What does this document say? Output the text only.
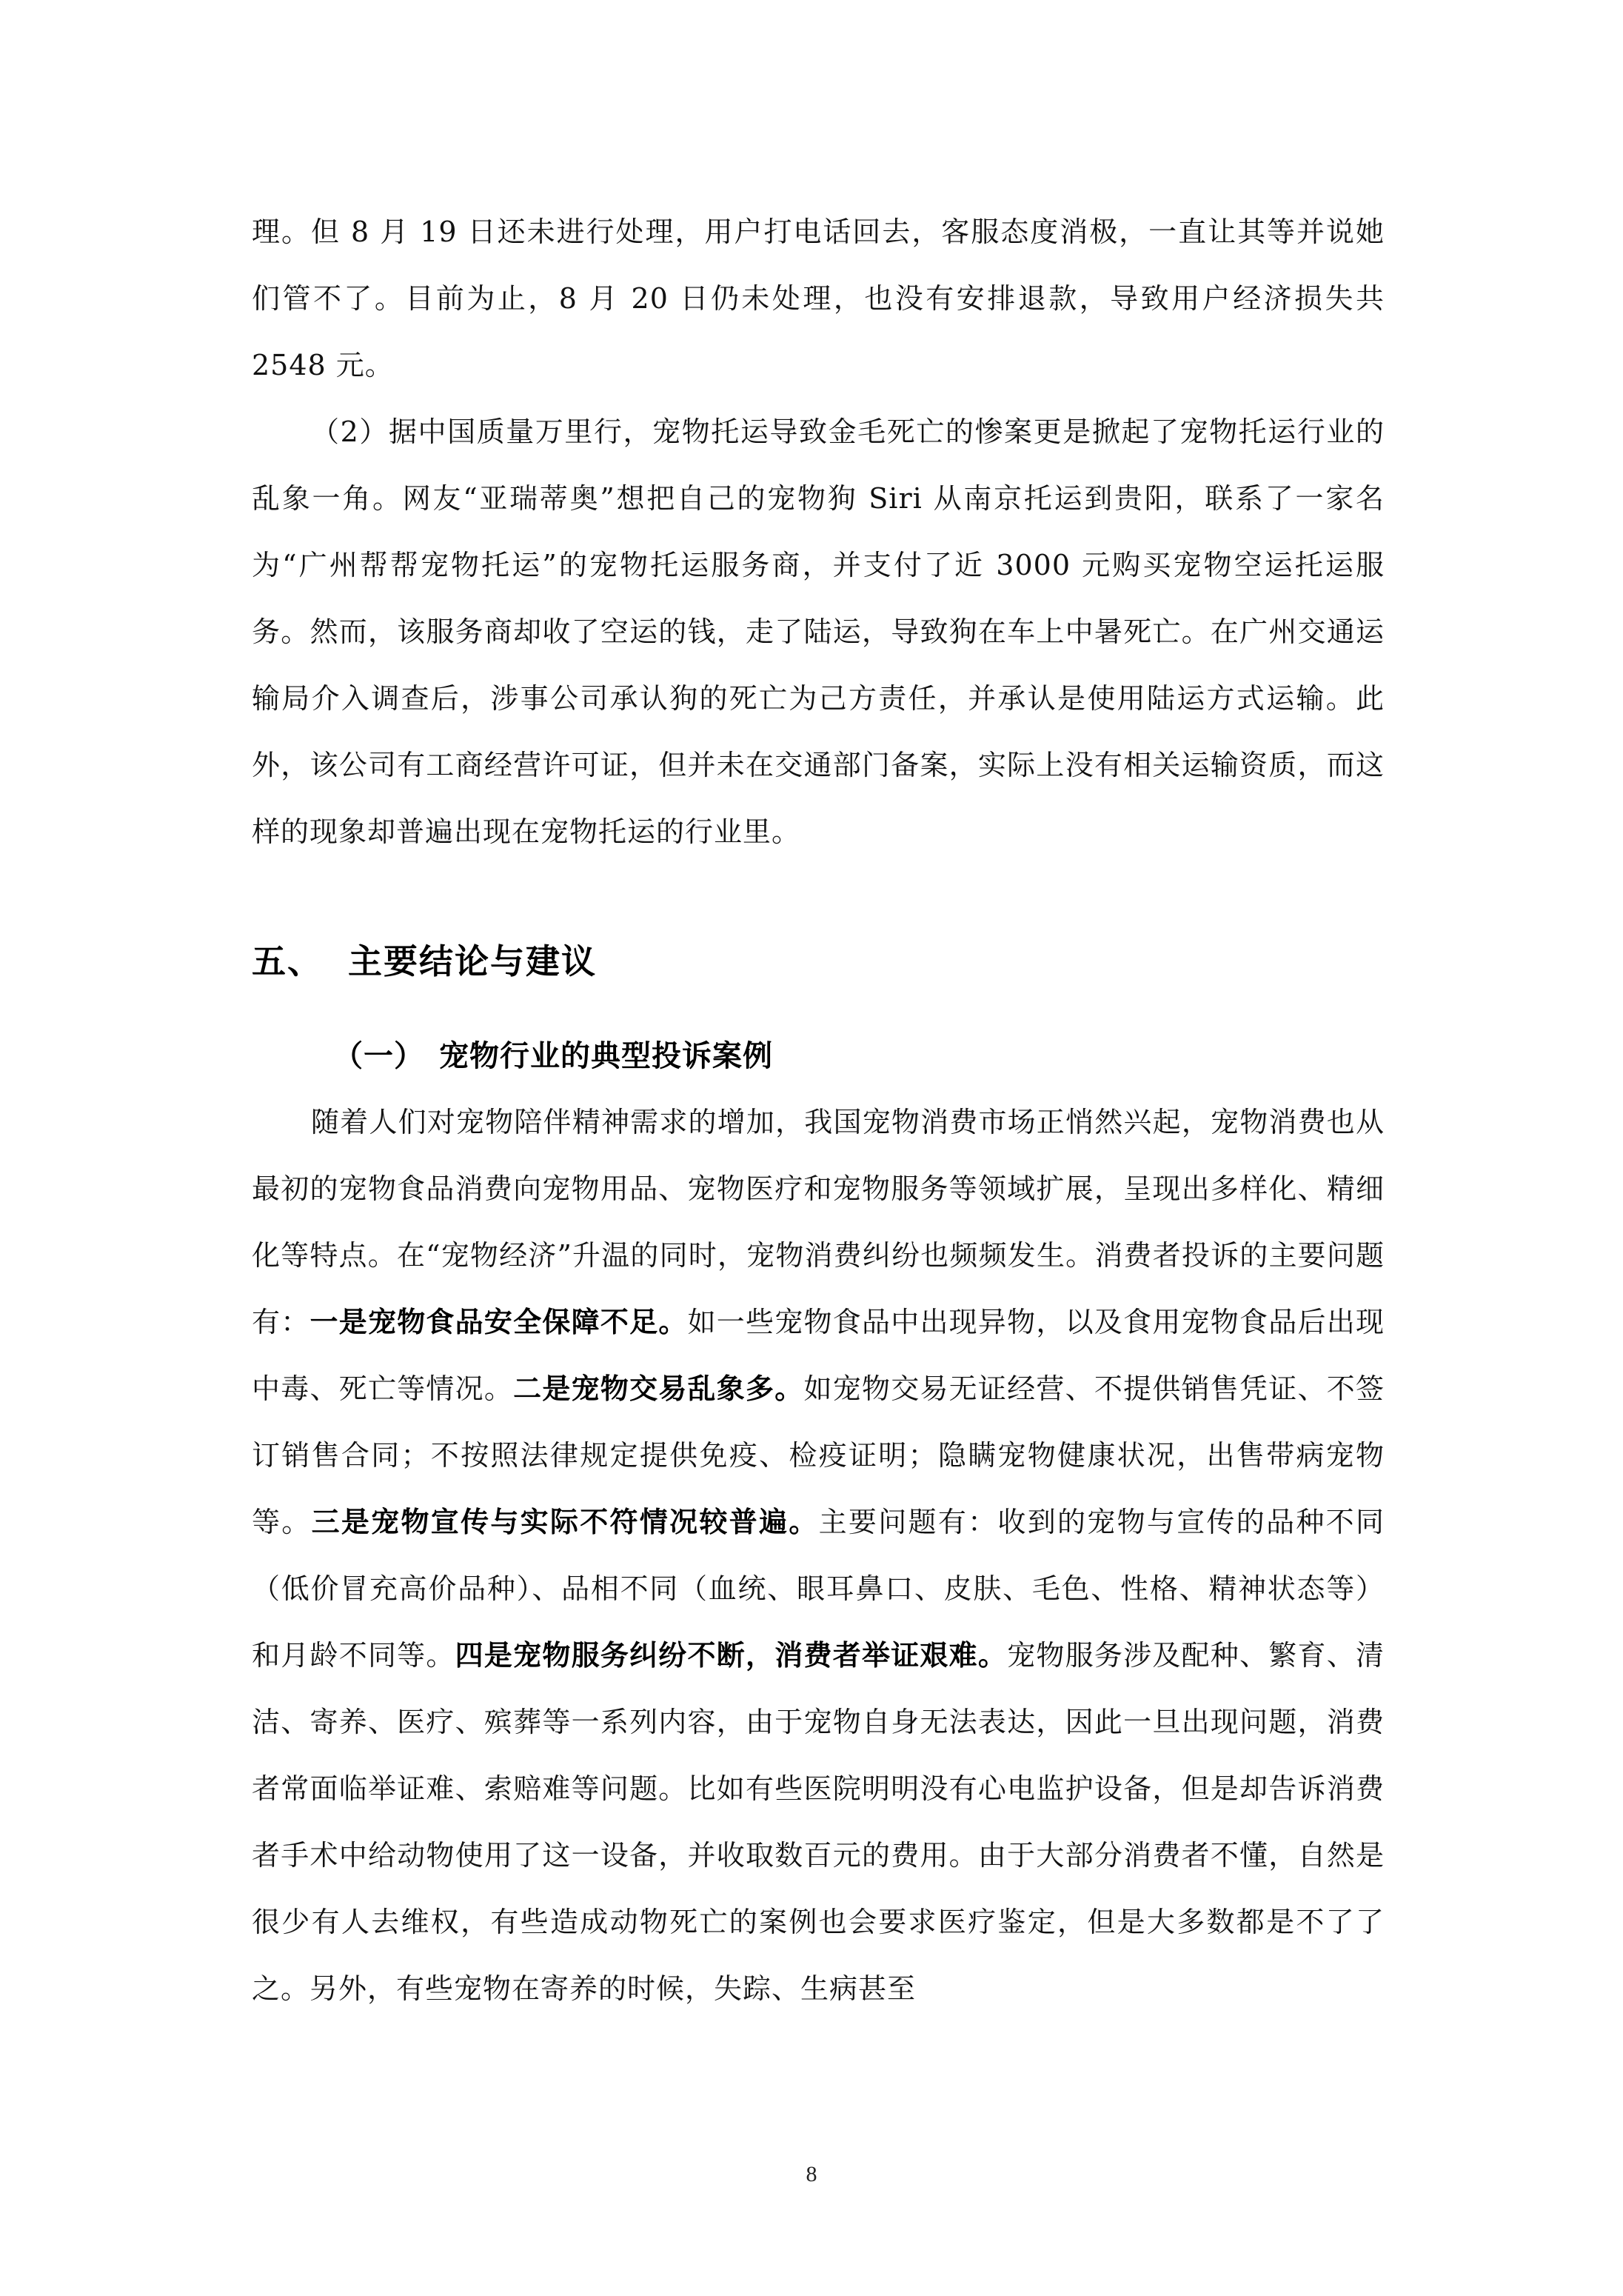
理。但 8 月 19 日还未进行处理，用户打电话回去，客服态度消极，一直让其等并说她们管不了。目前为止，8 月 20 日仍未处理，也没有安排退款，导致用户经济损失共 2548 元。

（2）据中国质量万里行，宠物托运导致金毛死亡的惨案更是掀起了宠物托运行业的乱象一角。网友“亚瑞蒂奥”想把自己的宠物狗 Siri 从南京托运到贵阳，联系了一家名为“广州帮帮宠物托运”的宠物托运服务商，并支付了近 3000 元购买宠物空运托运服务。然而，该服务商却收了空运的钱，走了陆运，导致狗在车上中暑死亡。在广州交通运输局介入调查后，涉事公司承认狗的死亡为己方责任，并承认是使用陆运方式运输。此外，该公司有工商经营许可证，但并未在交通部门备案，实际上没有相关运输资质，而这样的现象却普遍出现在宠物托运的行业里。

五、 主要结论与建议
（一） 宠物行业的典型投诉案例

随着人们对宠物陪伴精神需求的增加，我国宠物消费市场正悄然兴起，宠物消费也从最初的宠物食品消费向宠物用品、宠物医疗和宠物服务等领域扩展，呈现出多样化、精细化等特点。在“宠物经济”升温的同时，宠物消费纠纷也频频发生。消费者投诉的主要问题有：一是宠物食品安全保障不足。如一些宠物食品中出现异物，以及食用宠物食品后出现中毒、死亡等情况。二是宠物交易乱象多。如宠物交易无证经营、不提供销售凭证、不签订销售合同；不按照法律规定提供免疫、检疫证明；隐瞒宠物健康状况，出售带病宠物等。三是宠物宣传与实际不符情况较普遍。主要问题有：收到的宠物与宣传的品种不同（低价冒充高价品种）、品相不同（血统、眼耳鼻口、皮肤、毛色、性格、精神状态等）和月龄不同等。四是宠物服务纠纷不断，消费者举证艰难。宠物服务涉及配种、繁育、清洁、寄养、医疗、殡葬等一系列内容，由于宠物自身无法表达，因此一旦出现问题，消费者常面临举证难、索赔难等问题。比如有些医院明明没有心电监护设备，但是却告诉消费者手术中给动物使用了这一设备，并收取数百元的费用。由于大部分消费者不懂，自然是很少有人去维权，有些造成动物死亡的案例也会要求医疗鉴定，但是大多数都是不了了之。另外，有些宠物在寄养的时候，失踪、生病甚至

8
